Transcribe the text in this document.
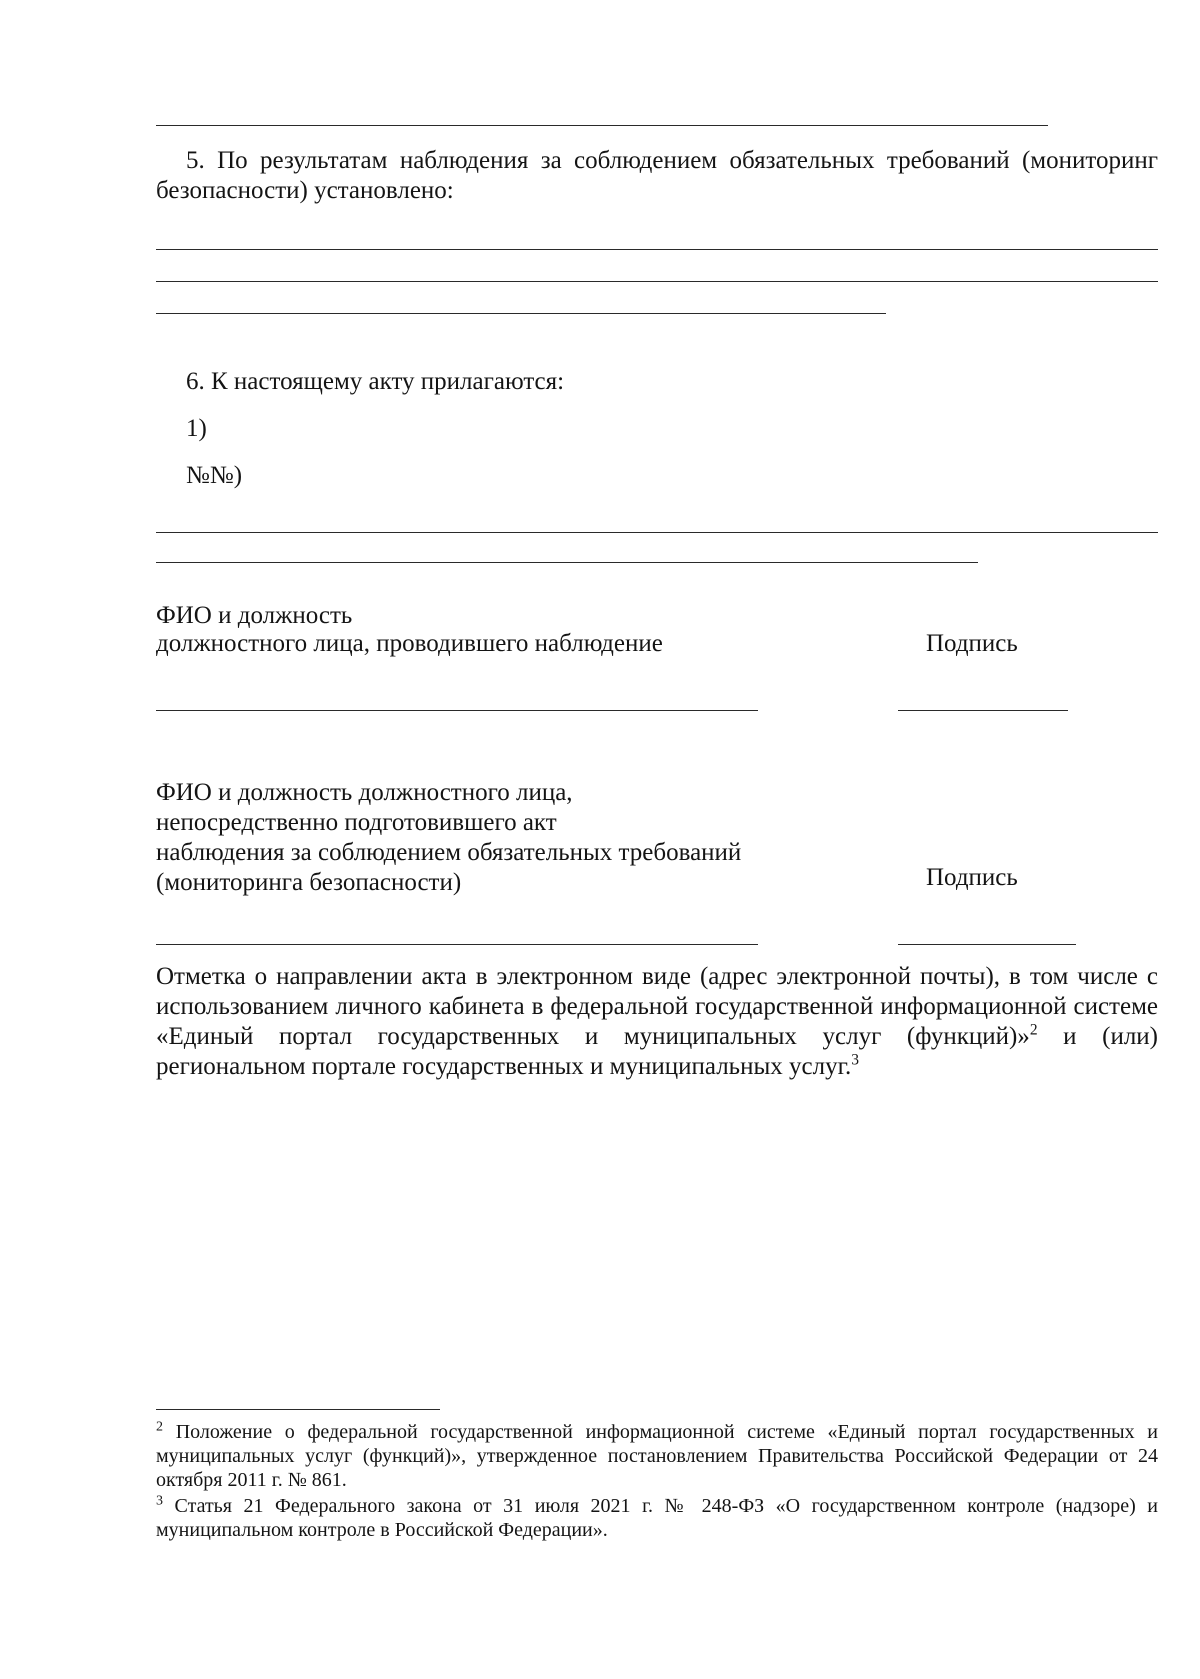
5. По результатам наблюдения за соблюдением обязательных требований (мониторинг безопасности) установлено:
6. К настоящему акту прилагаются:
1)
№№)
ФИО и должность
должностного лица, проводившего наблюдение	Подпись
ФИО и должность должностного лица,
непосредственно подготовившего акт
наблюдения за соблюдением обязательных требований
(мониторинга безопасности)	Подпись
Отметка о направлении акта в электронном виде (адрес электронной почты), в том числе с использованием личного кабинета в федеральной государственной информационной системе «Единый портал государственных и муниципальных услуг (функций)»$^2$ и (или) региональном портале государственных и муниципальных услуг.$^3$
$^2$ Положение о федеральной государственной информационной системе «Единый портал государственных и муниципальных услуг (функций)», утвержденное постановлением Правительства Российской Федерации от 24 октября 2011 г. № 861.
$^3$ Статья 21 Федерального закона от 31 июля 2021 г. № 248-ФЗ «О государственном контроле (надзоре) и муниципальном контроле в Российской Федерации».
